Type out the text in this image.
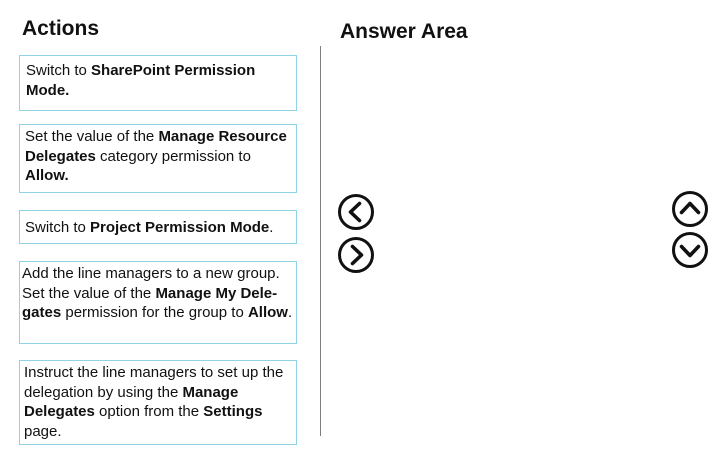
Actions	Answer Area
Switch to SharePoint Permission Mode.
Set the value of the Manage Resource Delegates category permission to Allow.
Switch to Project Permission Mode.
Add the line managers to a new group. Set the value of the Manage My Dele-gates permission for the group to Allow.
Instruct the line managers to set up the delegation by using the Manage Delegates option from the Settings page.
